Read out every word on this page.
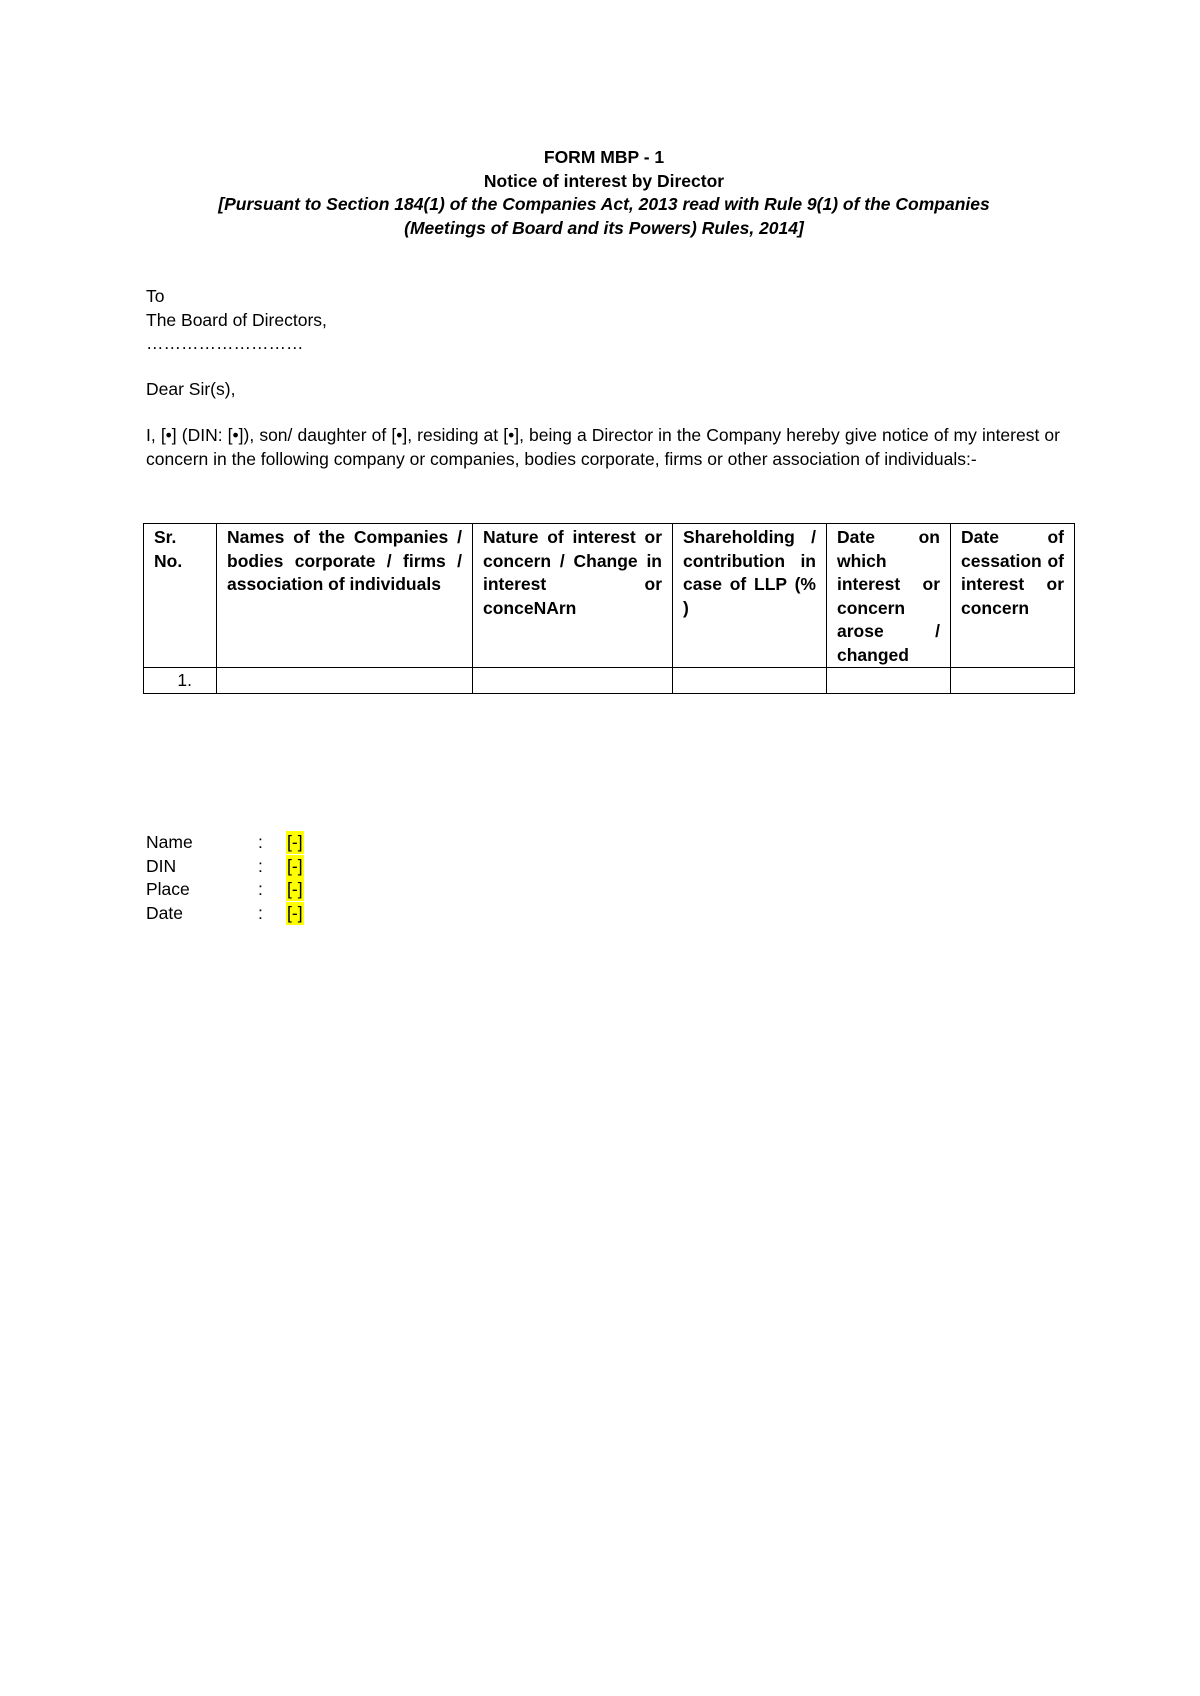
FORM MBP - 1
Notice of interest by Director
[Pursuant to Section 184(1) of the Companies Act, 2013 read with Rule 9(1) of the Companies
(Meetings of Board and its Powers) Rules, 2014]
To
The Board of Directors,
………………………
Dear Sir(s),
I, [•] (DIN: [•]), son/ daughter of [•], residing at [•], being a Director in the Company hereby give notice of my interest or concern in the following company or companies, bodies corporate, firms or other association of individuals:-
Sr. No.	Names of the Companies / bodies corporate / firms / association of individuals	Nature of interest or concern / Change in interest or conceNArn	Shareholding / contribution in case of LLP (% )	Date on which interest or concern arose / changed	Date of cessation of interest or concern
1.					
Name	:	[-]
DIN	:	[-]
Place	:	[-]
Date	:	[-]
